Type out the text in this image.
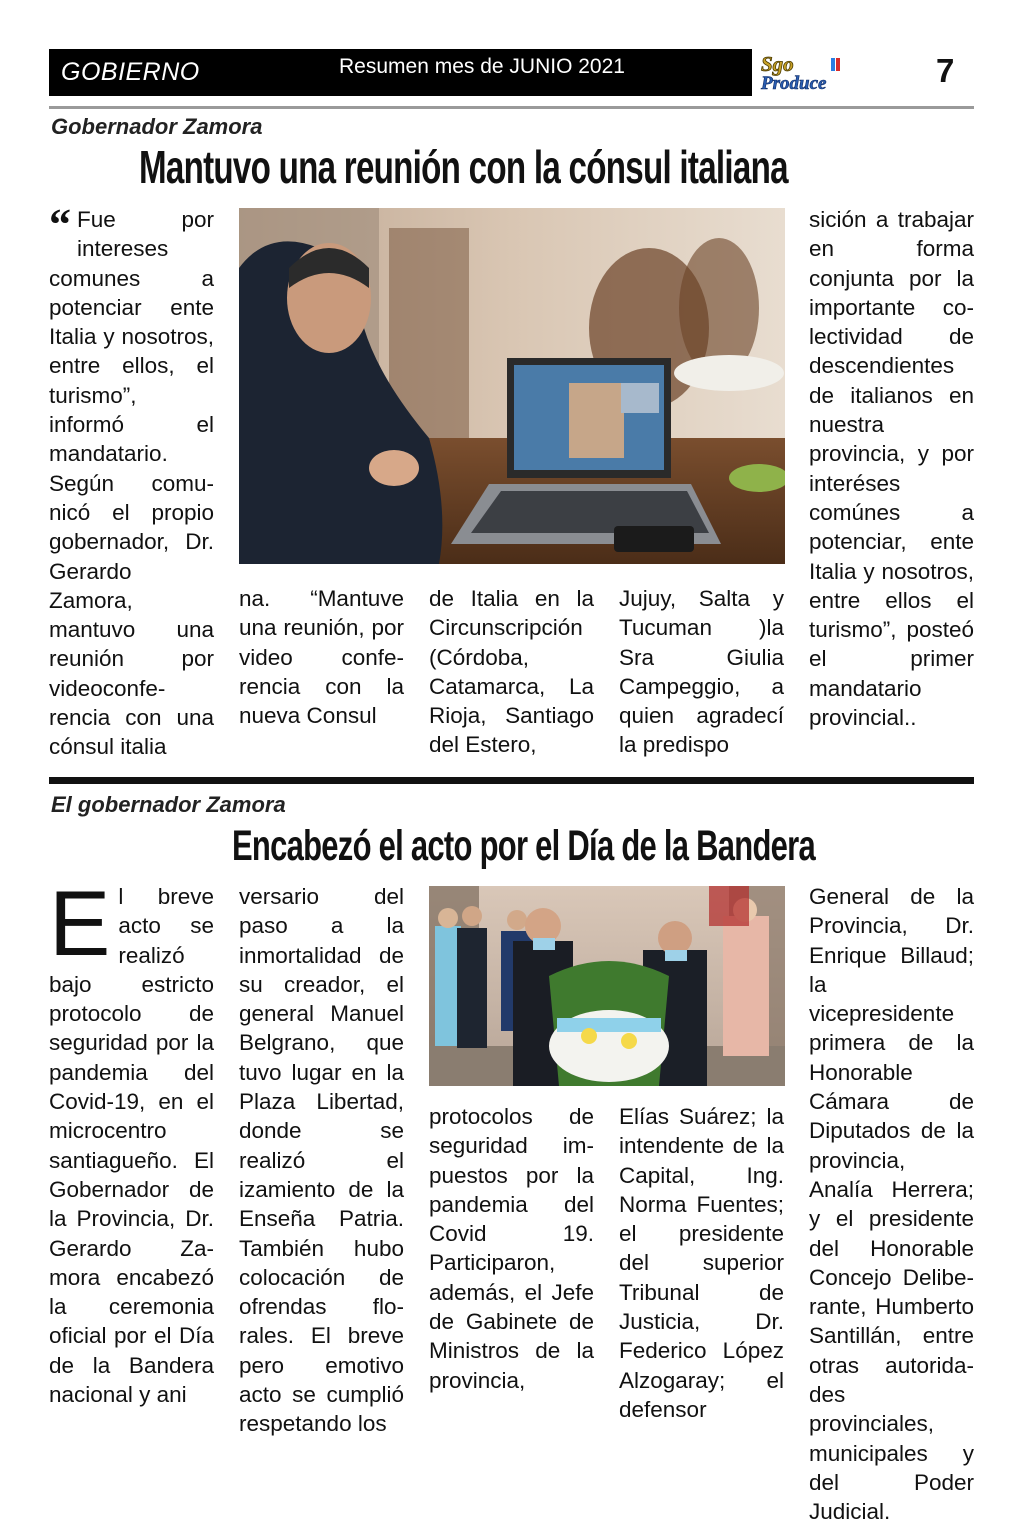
GOBIERNO	Resumen mes de JUNIO 2021	Sgo
Produce	7
Gobernador Zamora
Mantuvo una reunión con la cónsul italiana
“ Fue por intereses comunes a potenciar ente Italia y nosotros, entre ellos, el turismo”, informó el mandatario. Según comunicó el propio gobernador, Dr. Gerardo Zamora, mantuvo una reunión por videoconferencia con una cónsul italia
na. “Mantuve una reunión, por video conferencia con la nueva Consul
de Italia en la Circunscripción (Córdoba, Catamarca, La Rioja, Santiago del Estero,
Jujuy, Salta y Tucuman )la Sra Giulia Campeggio, a quien agradecí la predispo
sición a trabajar en forma conjunta por la importante colectividad de descendientes de italianos en nuestra provincia, y por interéses comúnes a potenciar, ente Italia y nosotros, entre ellos el turismo”, posteó el primer mandatario provincial..
El gobernador Zamora
Encabezó el acto por el Día de la Bandera
E l breve acto se realizó bajo estricto protocolo de seguridad por la pandemia del Covid-19, en el microcentro santiagueño. El Gobernador de la Provincia, Dr. Gerardo Zamora encabezó la ceremonia oficial por el Día de la Bandera nacional y ani
versario del paso a la inmortalidad de su creador, el general Manuel Belgrano, que tuvo lugar en la Plaza Libertad, donde se realizó el izamiento de la Enseña Patria. También hubo colocación de ofrendas florales. El breve pero emotivo acto se cumplió respetando los
protocolos de seguridad impuestos por la pandemia del Covid 19. Participaron, además, el Jefe de Gabinete de Ministros de la provincia,
Elías Suárez; la intendente de la Capital, Ing. Norma Fuentes; el presidente del superior Tribunal de Justicia, Dr. Federico López Alzogaray; el defensor
General de la Provincia, Dr. Enrique Billaud; la vicepresidente primera de la Honorable Cámara de Diputados de la provincia, Analía Herrera; y el presidente del Honorable Concejo Deliberante, Humberto Santillán, entre otras autoridades provinciales, municipales y del Poder Judicial.
